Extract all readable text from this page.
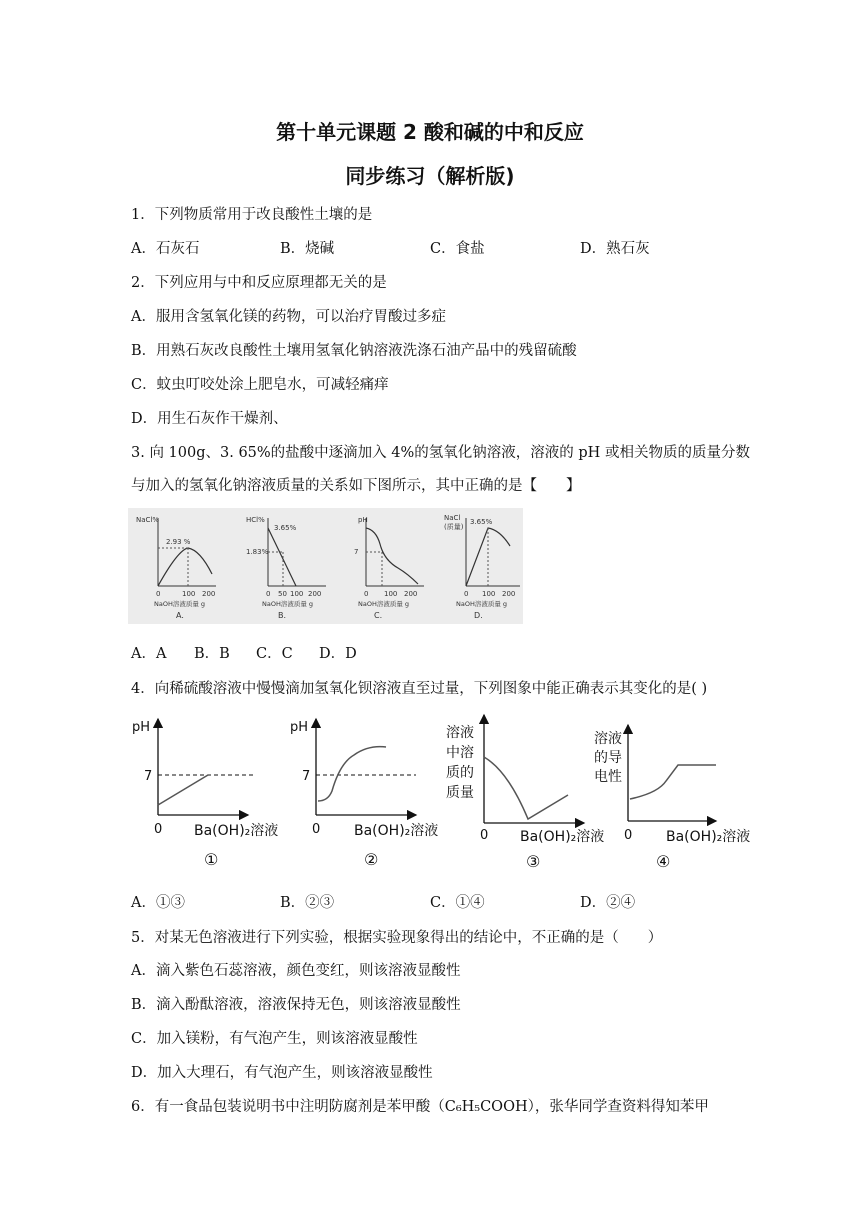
第十单元课题 2 酸和碱的中和反应
同步练习（解析版)
1．下列物质常用于改良酸性土壤的是
A．石灰石	B．烧碱	C．食盐	D．熟石灰
2．下列应用与中和反应原理都无关的是
A．服用含氢氧化镁的药物，可以治疗胃酸过多症
B．用熟石灰改良酸性土壤用氢氧化钠溶液洗涤石油产品中的残留硫酸
C．蚊虫叮咬处涂上肥皂水，可减轻痛痒
D．用生石灰作干燥剂、
3. 向 100g、3. 65%的盐酸中逐滴加入 4%的氢氧化钠溶液，溶液的 pH 或相关物质的质量分数
与加入的氢氧化钠溶液质量的关系如下图所示，其中正确的是【　　】
NaCl%
2.93 %
0	100 200
NaOH溶液质量 g
A.
HCl%
3.65%
1.83%
0 50 100 200
NaOH溶液质量 g
B.
pH
7
0 100 200
NaOH溶液质量 g
C.
NaCl
(质量)
3.65%
0 100 200
NaOH溶液质量 g
D.
A．A B．B C．C D．D
4．向稀硫酸溶液中慢慢滴加氢氧化钡溶液直至过量，下列图象中能正确表示其变化的是( )
pH
7
0 Ba(OH)₂溶液
①
pH
7
0 Ba(OH)₂溶液
②
溶液
中溶
质的
质量
0 Ba(OH)₂溶液
③
溶液
的导
电性
0 Ba(OH)₂溶液
④
A．①③	B．②③	C．①④	D．②④
5．对某无色溶液进行下列实验，根据实验现象得出的结论中，不正确的是（　　）
A．滴入紫色石蕊溶液，颜色变红，则该溶液显酸性
B．滴入酚酞溶液，溶液保持无色，则该溶液显酸性
C．加入镁粉，有气泡产生，则该溶液显酸性
D．加入大理石，有气泡产生，则该溶液显酸性
6．有一食品包装说明书中注明防腐剂是苯甲酸（C₆H₅COOH），张华同学查资料得知苯甲
